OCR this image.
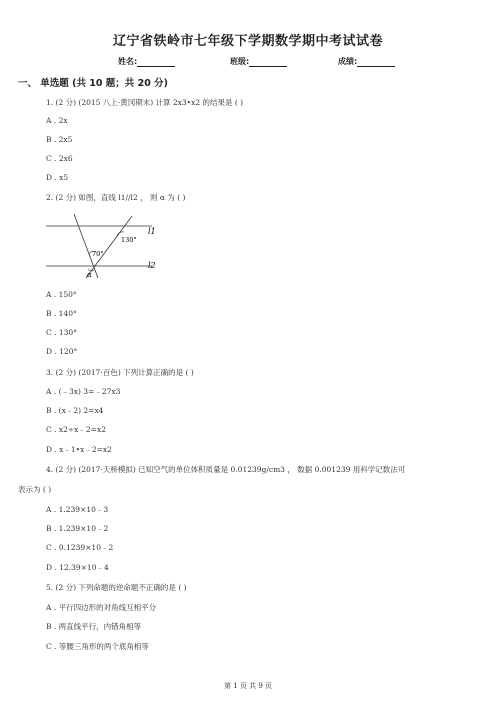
辽宁省铁岭市七年级下学期数学期中考试试卷
姓名:	班级:	成绩:
一、 单选题 (共 10 题；共 20 分)
1. (2 分) (2015 八上·黄冈期末) 计算 2x3•x2 的结果是 ( )
A . 2x
B . 2x5
C . 2x6
D . x5
2. (2 分) 如图，直线 l1//l2 ， 则 α 为 ( )
l1
l2
130°
70°
α
A . 150°
B . 140°
C . 130°
D . 120°
3. (2 分) (2017·百色) 下列计算正确的是 ( )
A . (﹣3x) 3=﹣27x3
B . (x﹣2) 2=x4
C . x2÷x﹣2=x2
D . x﹣1•x﹣2=x2
4. (2 分) (2017·天桥模拟) 已知空气的单位体积质量是 0.01239g/cm3 ， 数据 0.001239 用科学记数法可
表示为 ( )
A . 1.239×10﹣3
B . 1.239×10﹣2
C . 0.1239×10﹣2
D . 12.39×10﹣4
5. (2 分) 下列命题的逆命题不正确的是 ( )
A . 平行四边形的对角线互相平分
B . 两直线平行，内错角相等
C . 等腰三角形的两个底角相等
第 1 页 共 9 页
